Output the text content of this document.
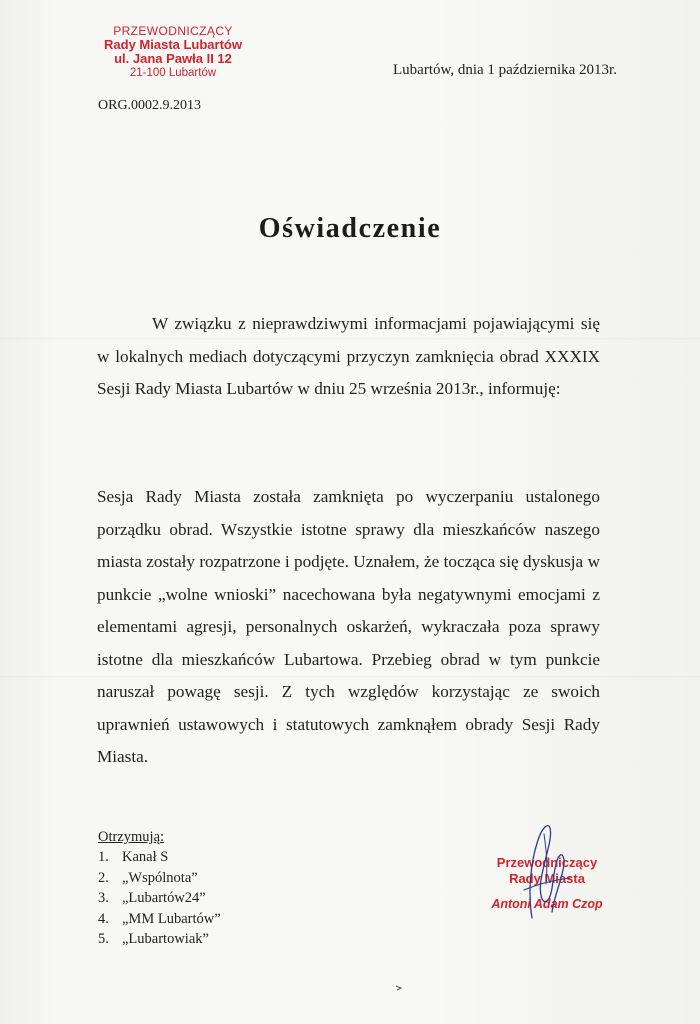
PRZEWODNICZĄCY
Rady Miasta Lubartów
ul. Jana Pawła II 12
21-100 Lubartów	Lubartów, dnia 1 października 2013r.
ORG.0002.9.2013
Oświadczenie

W związku z nieprawdziwymi informacjami pojawiającymi się w lokalnych mediach dotyczącymi przyczyn zamknięcia obrad XXXIX Sesji Rady Miasta Lubartów w dniu 25 września 2013r., informuję:

Sesja Rady Miasta została zamknięta po wyczerpaniu ustalonego porządku obrad. Wszystkie istotne sprawy dla mieszkańców naszego miasta zostały rozpatrzone i podjęte. Uznałem, że tocząca się dyskusja w punkcie „wolne wnioski” nacechowana była negatywnymi emocjami z elementami agresji, personalnych oskarżeń, wykraczała poza sprawy istotne dla mieszkańców Lubartowa. Przebieg obrad w tym punkcie naruszał powagę sesji. Z tych względów korzystając ze swoich uprawnień ustawowych i statutowych zamknąłem obrady Sesji Rady Miasta.

Otrzymują:
1. Kanał S
2. „Wspólnota”
3. „Lubartów24”
4. „MM Lubartów”
5. „Lubartowiak”
Przewodniczący
Rady Miasta
Antoni Adam Czop
